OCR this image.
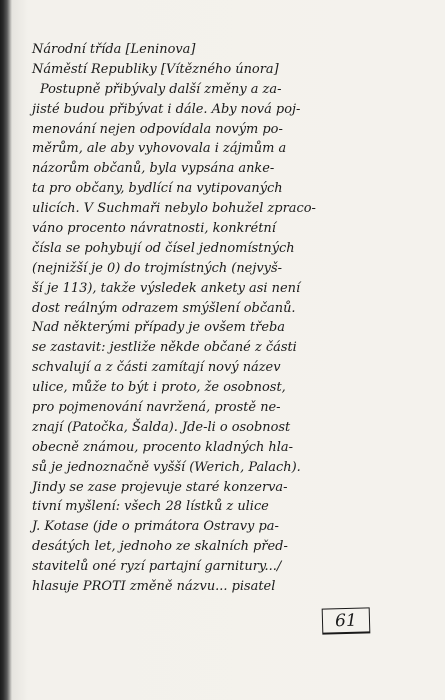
Národní třída [Leninova]
Náměstí Republiky [Vítězného února]
Postupně přibývaly další změny a za-
jisté budou přibývat i dále. Aby nová poj-
menování nejen odpovídala novým po-
měrům, ale aby vyhovovala i zájmům a
názorům občanů, byla vypsána anke-
ta pro občany, bydlící na vytipovaných
ulicích. V Suchmaři nebylo bohužel zpraco-
váno procento návratnosti, konkrétní
čísla se pohybují od čísel jednomístných
(nejnižší je 0) do trojmístných (nejvyš-
ší je 113), takže výsledek ankety asi není
dost reálným odrazem smýšlení občanů.
Nad některými případy je ovšem třeba
se zastavit: jestliže někde občané z části
schvalují a z části zamítají nový název
ulice, může to být i proto, že osobnost,
pro pojmenování navržená, prostě ne-
znají (Patočka, Šalda). Jde-li o osobnost
obecně známou, procento kladných hla-
sů je jednoznačně vyšší (Werich, Palach).
Jindy se zase projevuje staré konzerva-
tivní myšlení: všech 28 lístků z ulice
J. Kotase (jde o primátora Ostravy pa-
desátých let, jednoho ze skalních před-
stavitelů oné ryzí partajní garnitury.../
hlasuje PROTI změně názvu... pisatel
61
